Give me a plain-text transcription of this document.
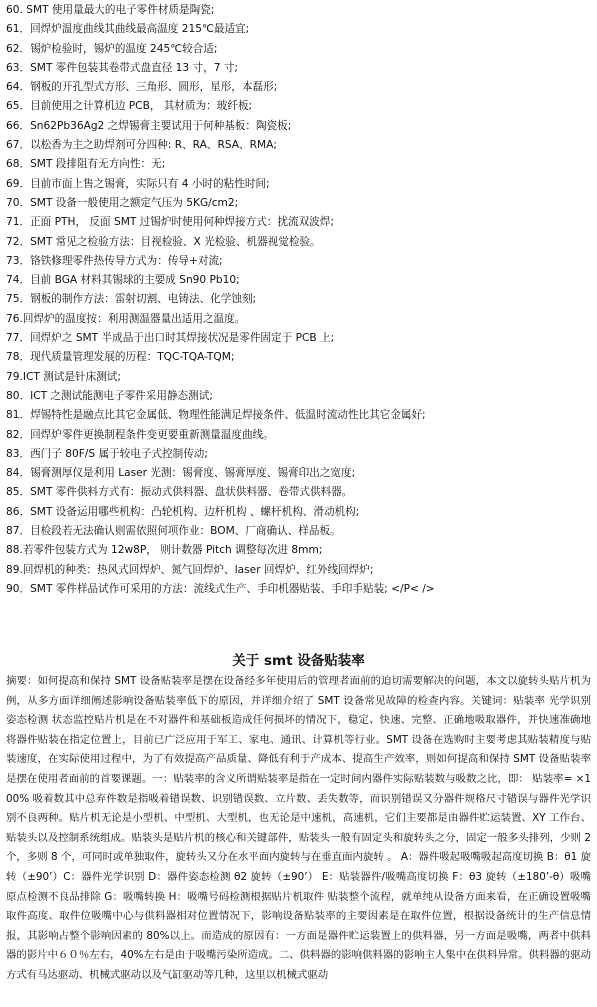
60. SMT 使用量最大的电子零件材质是陶瓷;
61．回焊炉温度曲线其曲线最高温度 215℃最适宜;
62．锡炉检验时，锡炉的温度 245℃较合适;
63．SMT 零件包装其卷带式盘直径 13 寸，7 寸;
64．钢板的开孔型式方形、三角形、圆形，星形，本磊形;
65．目前使用之计算机边 PCB， 其材质为：玻纤板;
66．Sn62Pb36Ag2 之焊锡膏主要试用于何种基板：陶瓷板;
67．以松香为主之助焊剂可分四种: R、RA、RSA、RMA;
68．SMT 段排阻有无方向性：无;
69．目前市面上售之锡膏，实际只有 4 小时的粘性时间;
70．SMT 设备一般使用之额定气压为 5KG/cm2;
71．正面 PTH， 反面 SMT 过锡炉时使用何种焊接方式：扰流双波焊;
72．SMT 常见之检验方法：目视检验、X 光检验、机器视觉检验。
73．铬铁修理零件热传导方式为：传导+对流;
74．目前 BGA 材料其锡球的主要成 Sn90 Pb10;
75．钢板的制作方法：雷射切割、电铸法、化学蚀刻;
76.回焊炉的温度按：利用测温器量出适用之温度。
77．回焊炉之 SMT 半成品于出口时其焊接状况是零件固定于 PCB 上;
78．现代质量管理发展的历程：TQC-TQA-TQM;
79.ICT 测试是针床测试;
80．ICT 之测试能测电子零件采用静态测试;
81．焊锡特性是融点比其它金属低、物理性能满足焊接条件、低温时流动性比其它金属好;
82．回焊炉零件更换制程条件变更要重新测量温度曲线。
83．西门子 80F/S 属于较电子式控制传动;
84．锡膏测厚仪是利用 Laser 光测：锡膏度、锡膏厚度、锡膏印出之宽度;
85．SMT 零件供料方式有：振动式供料器、盘状供料器、卷带式供料器。
86．SMT 设备运用哪些机构：凸轮机构、边杆机构 、螺杆机构、滑动机构;
87．目检段若无法确认则需依照何项作业：BOM、厂商确认、样品板。
88.若零件包装方式为 12w8P， 则计数器 Pitch 调整每次进 8mm;
89.回焊机的种类：热风式回焊炉、氮气回焊炉、laser 回焊炉、红外线回焊炉;
90．SMT 零件样品试作可采用的方法：流线式生产、手印机器贴装、手印手贴装; </P< />
关于 smt 设备贴装率

摘要：如何提高和保持 SMT 设备贴装率是摆在设备经多年使用后的管理者面前的迫切需要解决的问题，本文以旋转头贴片机为例，从多方面详细阐述影响设备贴装率低下的原因，并详细介绍了 SMT 设备常见故障的检查内容。关键词：贴装率 光学识别 姿态检测 状态监控贴片机是在不对器件和基础板造成任何损坏的情况下，稳定、快速、完整、正确地吸取器件，并快速准确地将器件贴装在指定位置上，目前已广泛应用于军工、家电、通讯、计算机等行业。SMT 设备在选购时主要考虑其贴装精度与贴装速度，在实际使用过程中，为了有效提高产品质量、降低有利于产成本、提高生产效率，则如何提高和保持 SMT 设备贴装率是摆在使用者面前的首要课题。一：贴装率的含义所谓贴装率是指在一定时间内器件实际贴装数与吸数之比，即： 贴装率= ×100% 吸着数其中总弃件数是指吸着错误数、识别错误数、立片数、丢失数等，而识别错误又分器件规格尺寸错误与器件光学识别不良两种。贴片机无论是小型机、中型机、大型机，也无论是中速机，高速机，它们主要都是由器件贮运装置、XY 工作台、贴装头以及控制系统组成。贴装头是贴片机的核心和关键部件，贴装头一般有固定头和旋转头之分，固定一般多头排列，少则 2 个，多则 8 个，可同时或单独取件，旋转头又分在水平面内旋转与在垂直面内旋转 。 A：器件吸起吸嘴吸起高度切换 B：θ1 旋转（±90’）C：器件光学识别 D：器件姿态检测 θ2 旋转（±90’） E：贴装器件/吸嘴高度切换 F：θ3 旋转（±180’-θ）吸嘴原点检测不良品排除 G：吸嘴转换 H：吸嘴号码检测根据贴片机取件 贴装整个流程，就单纯从设备方面来看，在正确设置吸嘴取件高度、取件位吸嘴中心与供料器相对位置情况下，影响设备贴装率的主要因素是在取件位置，根据设备统计的生产信息情报，其影响占整个影响因素的 80%以上。而造成的原因有：一方面是器件贮运装置上的供料器，另一方面是吸嘴，两者中供料器的影片中６０％左右，40%左右是由于吸嘴污染所造成。二、供料器的影响供料器的影响主人集中在供料异常。供料器的驱动方式有马达驱动、机械式驱动以及气缸驱动等几种，这里以机械式驱动
